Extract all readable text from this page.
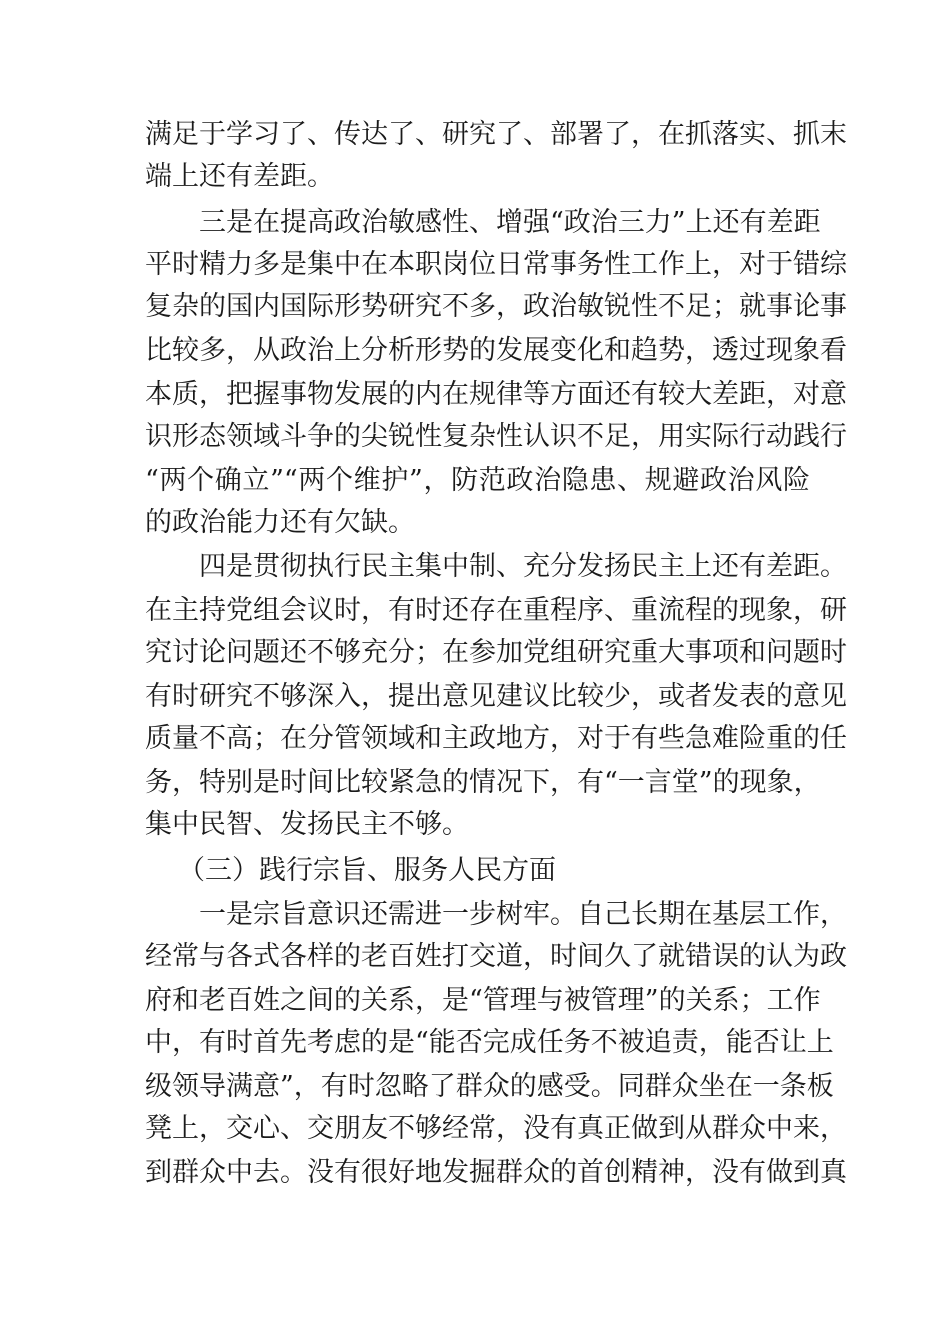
满足于学习了、传达了、研究了、部署了，在抓落实、抓末
端上还有差距。
三是在提高政治敏感性、增强“政治三力”上还有差距
平时精力多是集中在本职岗位日常事务性工作上，对于错综
复杂的国内国际形势研究不多，政治敏锐性不足；就事论事
比较多，从政治上分析形势的发展变化和趋势，透过现象看
本质，把握事物发展的内在规律等方面还有较大差距，对意
识形态领域斗争的尖锐性复杂性认识不足，用实际行动践行
“两个确立”“两个维护”，防范政治隐患、规避政治风险
的政治能力还有欠缺。
四是贯彻执行民主集中制、充分发扬民主上还有差距。
在主持党组会议时，有时还存在重程序、重流程的现象，研
究讨论问题还不够充分；在参加党组研究重大事项和问题时
有时研究不够深入，提出意见建议比较少，或者发表的意见
质量不高；在分管领域和主政地方，对于有些急难险重的任
务，特别是时间比较紧急的情况下，有“一言堂”的现象，
集中民智、发扬民主不够。
（三）践行宗旨、服务人民方面
一是宗旨意识还需进一步树牢。自己长期在基层工作，
经常与各式各样的老百姓打交道，时间久了就错误的认为政
府和老百姓之间的关系，是“管理与被管理”的关系；工作
中，有时首先考虑的是“能否完成任务不被追责，能否让上
级领导满意”，有时忽略了群众的感受。同群众坐在一条板
凳上，交心、交朋友不够经常，没有真正做到从群众中来，
到群众中去。没有很好地发掘群众的首创精神，没有做到真
